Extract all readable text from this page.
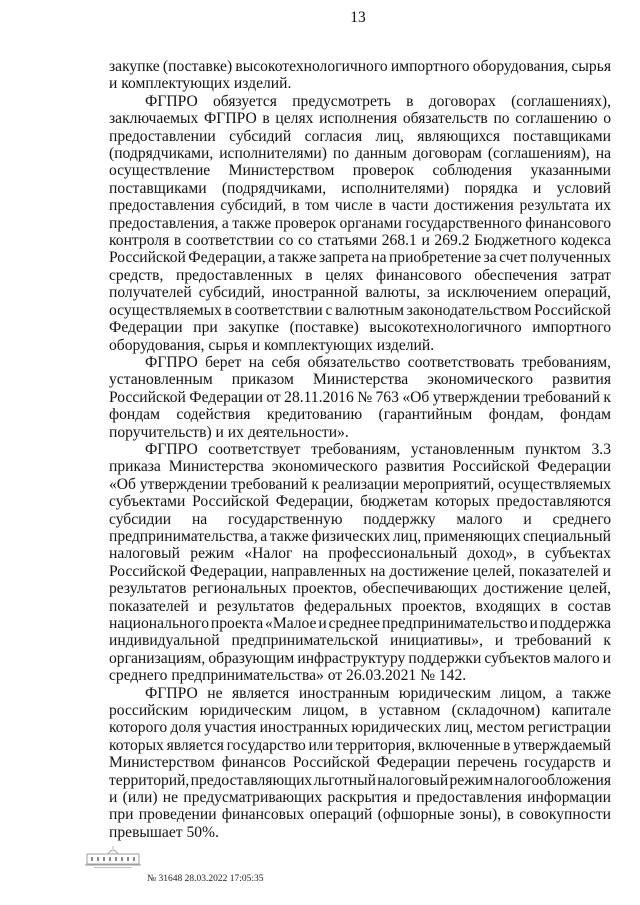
13
закупке (поставке) высокотехнологичного импортного оборудования, сырья
и комплектующих изделий.
ФГПРО обязуется предусмотреть в договорах (соглашениях),
заключаемых ФГПРО в целях исполнения обязательств по соглашению о
предоставлении субсидий согласия лиц, являющихся поставщиками
(подрядчиками, исполнителями) по данным договорам (соглашениям), на
осуществление Министерством проверок соблюдения указанными
поставщиками (подрядчиками, исполнителями) порядка и условий
предоставления субсидий, в том числе в части достижения результата их
предоставления, а также проверок органами государственного финансового
контроля в соответствии со со статьями 268.1 и 269.2 Бюджетного кодекса
Российской Федерации, а также запрета на приобретение за счет полученных
средств, предоставленных в целях финансового обеспечения затрат
получателей субсидий, иностранной валюты, за исключением операций,
осуществляемых в соответствии с валютным законодательством Российской
Федерации при закупке (поставке) высокотехнологичного импортного
оборудования, сырья и комплектующих изделий.
ФГПРО берет на себя обязательство соответствовать требованиям,
установленным приказом Министерства экономического развития
Российской Федерации от 28.11.2016 № 763 «Об утверждении требований к
фондам содействия кредитованию (гарантийным фондам, фондам
поручительств) и их деятельности».
ФГПРО соответствует требованиям, установленным пунктом 3.3
приказа Министерства экономического развития Российской Федерации
«Об утверждении требований к реализации мероприятий, осуществляемых
субъектами Российской Федерации, бюджетам которых предоставляются
субсидии на государственную поддержку малого и среднего
предпринимательства, а также физических лиц, применяющих специальный
налоговый режим «Налог на профессиональный доход», в субъектах
Российской Федерации, направленных на достижение целей, показателей и
результатов региональных проектов, обеспечивающих достижение целей,
показателей и результатов федеральных проектов, входящих в состав
национального проекта «Малое и среднее предпринимательство и поддержка
индивидуальной предпринимательской инициативы», и требований к
организациям, образующим инфраструктуру поддержки субъектов малого и
среднего предпринимательства» от 26.03.2021 № 142.
ФГПРО не является иностранным юридическим лицом, а также
российским юридическим лицом, в уставном (складочном) капитале
которого доля участия иностранных юридических лиц, местом регистрации
которых является государство или территория, включенные в утверждаемый
Министерством финансов Российской Федерации перечень государств и
территорий, предоставляющих льготный налоговый режим налогообложения
и (или) не предусматривающих раскрытия и предоставления информации
при проведении финансовых операций (офшорные зоны), в совокупности
превышает 50%.
№ 31648 28.03.2022 17:05:35
